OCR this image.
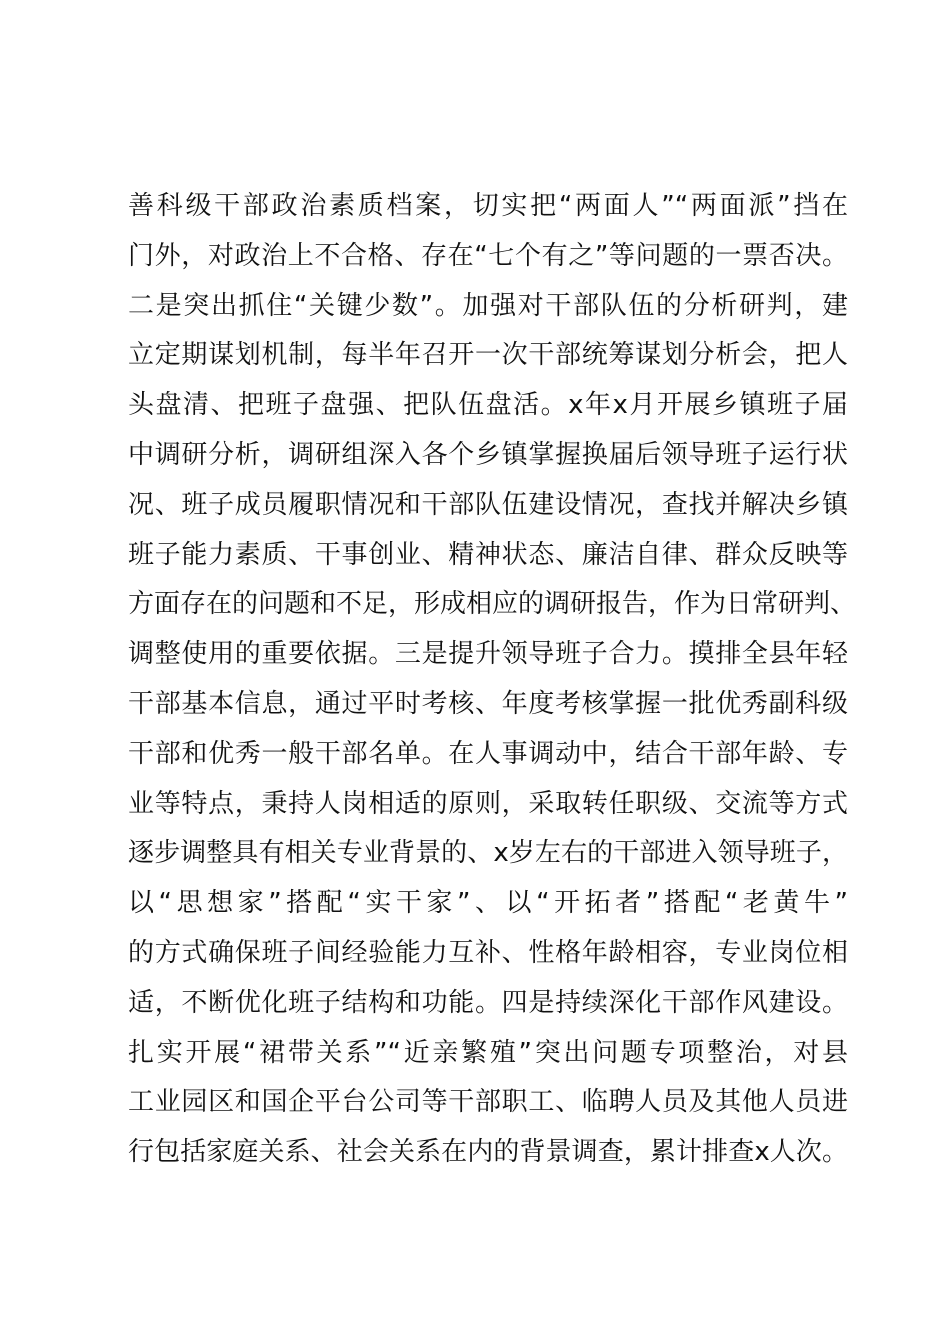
善科级干部政治素质档案，切实把“两面人”“两面派”挡在
门外，对政治上不合格、存在“七个有之”等问题的一票否决。
二是突出抓住“关键少数”。加强对干部队伍的分析研判，建
立定期谋划机制，每半年召开一次干部统筹谋划分析会，把人
头盘清、把班子盘强、把队伍盘活。x年x月开展乡镇班子届
中调研分析，调研组深入各个乡镇掌握换届后领导班子运行状
况、班子成员履职情况和干部队伍建设情况，查找并解决乡镇
班子能力素质、干事创业、精神状态、廉洁自律、群众反映等
方面存在的问题和不足，形成相应的调研报告，作为日常研判、
调整使用的重要依据。三是提升领导班子合力。摸排全县年轻
干部基本信息，通过平时考核、年度考核掌握一批优秀副科级
干部和优秀一般干部名单。在人事调动中，结合干部年龄、专
业等特点，秉持人岗相适的原则，采取转任职级、交流等方式
逐步调整具有相关专业背景的、x岁左右的干部进入领导班子，
以“思想家”搭配“实干家”、以“开拓者”搭配“老黄牛”
的方式确保班子间经验能力互补、性格年龄相容，专业岗位相
适，不断优化班子结构和功能。四是持续深化干部作风建设。
扎实开展“裙带关系”“近亲繁殖”突出问题专项整治，对县
工业园区和国企平台公司等干部职工、临聘人员及其他人员进
行包括家庭关系、社会关系在内的背景调查，累计排查x人次。
